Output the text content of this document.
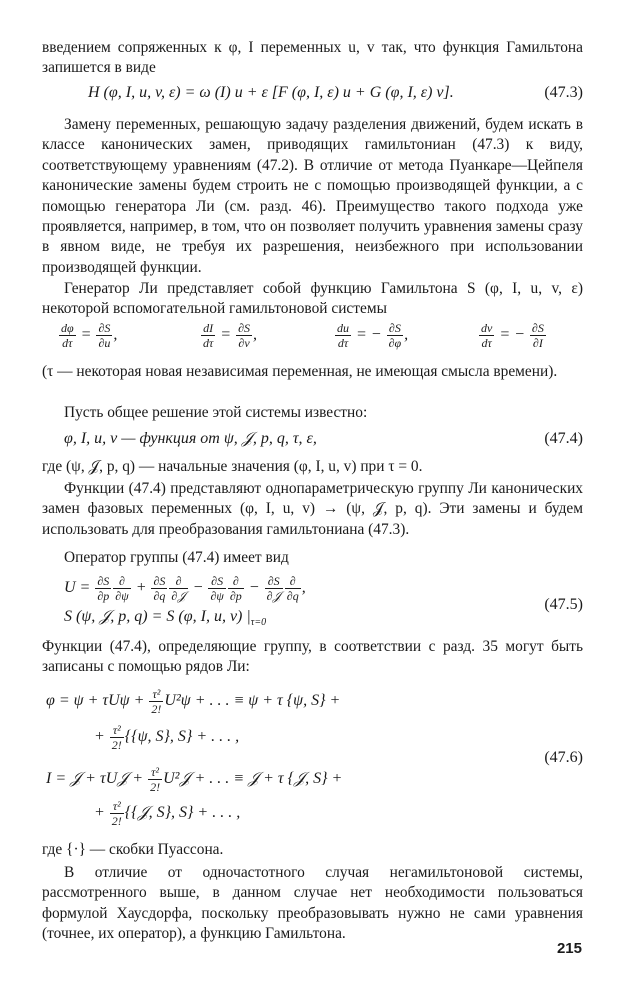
введением сопряженных к φ, I переменных u, v так, что функция Гамильтона запишется в виде
H (φ, I, u, v, ε) = ω (I) u + ε [F (φ, I, ε) u + G (φ, I, ε) v].	(47.3)
Замену переменных, решающую задачу разделения движений, будем искать в классе канонических замен, приводящих гамильтониан (47.3) к виду, соответствующему уравнениям (47.2). В отличие от метода Пуанкаре—Цейпеля канонические замены будем строить не с помощью производящей функции, а с помощью генератора Ли (см. разд. 46). Преимущество такого подхода уже проявляется, например, в том, что он позволяет получить уравнения замены сразу в явном виде, не требуя их разрешения, неизбежного при использовании производящей функции.
Генератор Ли представляет собой функцию Гамильтона S (φ, I, u, v, ε) некоторой вспомогательной гамильтоновой системы
$\frac{d\varphi}{d\tau} = \frac{\partial S}{\partial u}$ ,	$\frac{dI}{d\tau} = \frac{\partial S}{\partial v}$ ,	$\frac{du}{d\tau}$ = − $\frac{\partial S}{\partial\varphi}$ ,	$\frac{dv}{d\tau}$ = − $\frac{\partial S}{\partial I}$
(τ — некоторая новая независимая переменная, не имеющая смысла времени).
Пусть общее решение этой системы известно:
φ, I, u, v — функция от ψ, 𝒥, p, q, τ, ε,	(47.4)
где (ψ, 𝒥, p, q) — начальные значения (φ, I, u, v) при τ = 0.
Функции (47.4) представляют однопараметрическую группу Ли канонических замен фазовых переменных (φ, I, u, v) → (ψ, 𝒥, p, q). Эти замены и будем использовать для преобразования гамильтониана (47.3).
Оператор группы (47.4) имеет вид
$U = \frac{\partial S}{\partial p} \frac{\partial}{\partial\psi} + \frac{\partial S}{\partial q} \frac{\partial}{\text{∂𝒥}} - \frac{\partial S}{\partial\psi} \frac{\partial}{\partial p} - \frac{\partial S}{\text{∂𝒥}} \frac{\partial}{\partial q}$ ,
S (ψ, 𝒥, p, q) = S (φ, I, u, v) $|_{\tau=0}$
(47.5)
Функции (47.4), определяющие группу, в соответствии с разд. 35 могут быть записаны с помощью рядов Ли:
$\varphi = \psi + \tau U\psi + \frac{\text{τ²}}{2!} U^2\psi$ + . . . ≡ ψ + τ {ψ, S} +
+ $\frac{\text{τ²}}{2!} \{\{\psi$, S}, S} + . . . ,
I = 𝒥 + τU𝒥 + $\frac{\text{τ²}}{2!}$ U²𝒥 + . . . ≡ 𝒥 + τ {𝒥, S} +
+ $\frac{\text{τ²}}{2!}$ {{𝒥, S}, S} + . . . ,
(47.6)
где {·} — скобки Пуассона.
В отличие от одночастотного случая негамильтоновой системы, рассмотренного выше, в данном случае нет необходимости пользоваться формулой Хаусдорфа, поскольку преобразовывать нужно не сами уравнения (точнее, их оператор), а функцию Гамильтона.
215
